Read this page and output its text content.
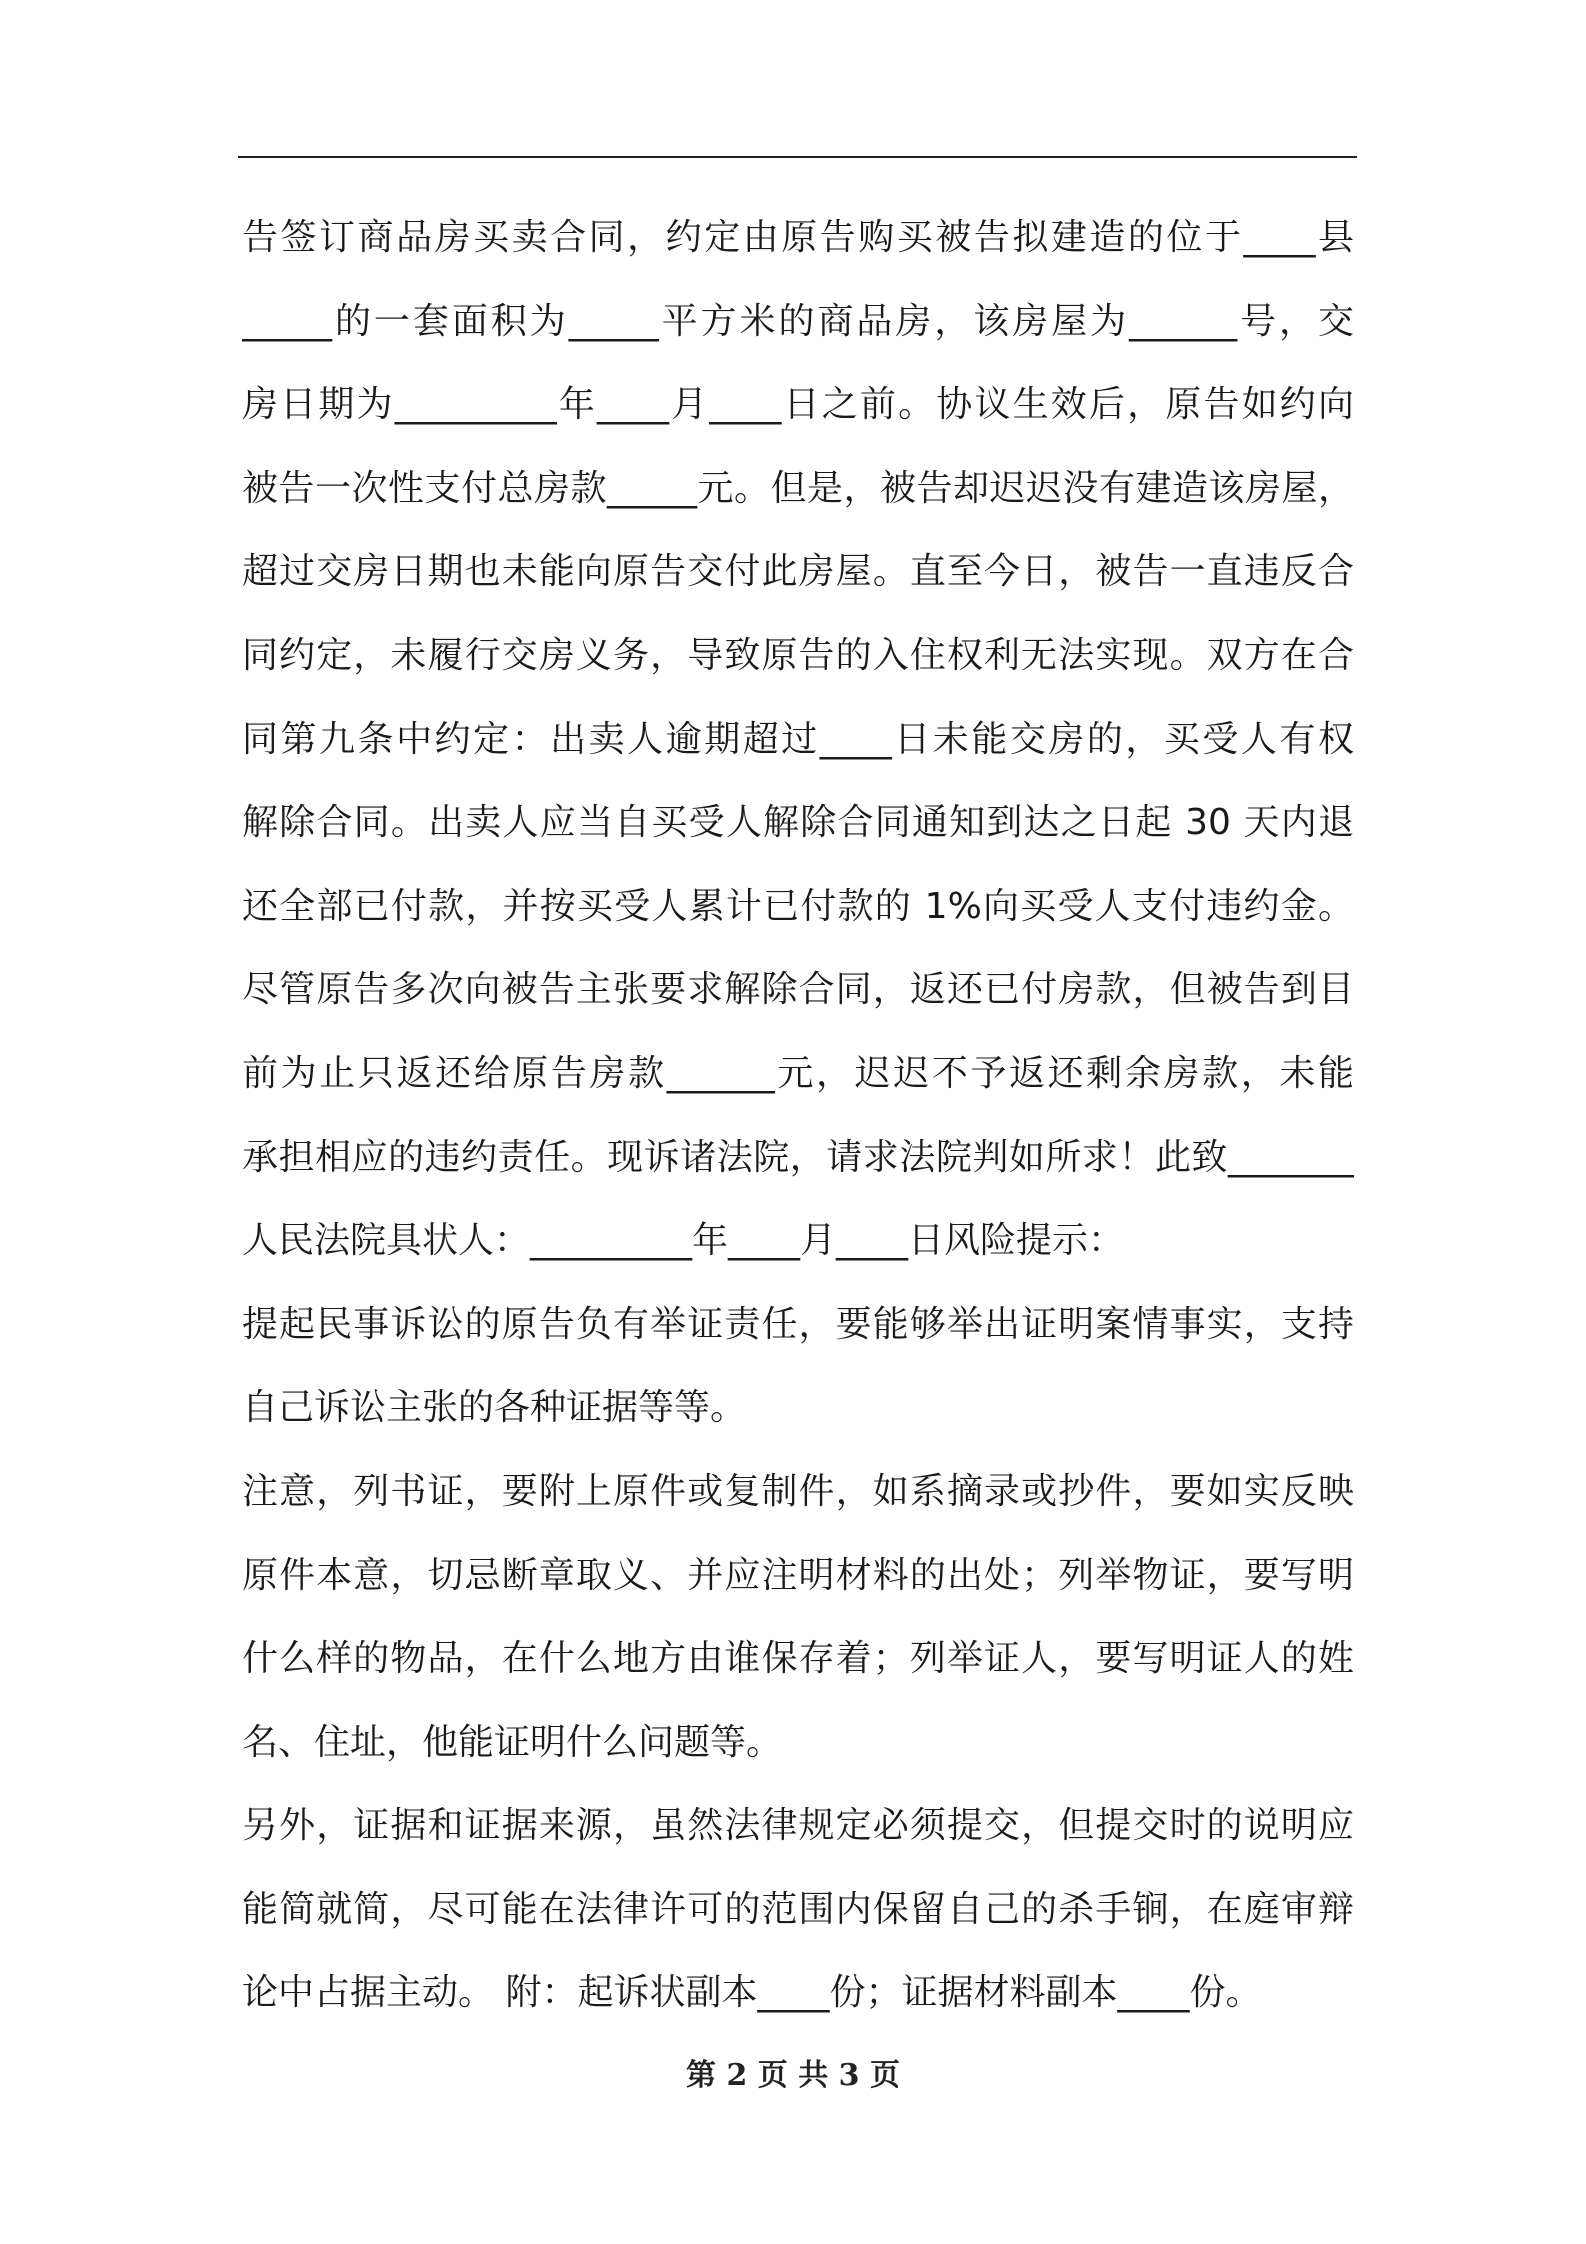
告签订商品房买卖合同，约定由原告购买被告拟建造的位于____县
_____的一套面积为_____平方米的商品房，该房屋为______号，交
房日期为_________年____月____日之前。协议生效后，原告如约向
被告一次性支付总房款_____元。但是，被告却迟迟没有建造该房屋，
超过交房日期也未能向原告交付此房屋。直至今日，被告一直违反合
同约定，未履行交房义务，导致原告的入住权利无法实现。双方在合
同第九条中约定：出卖人逾期超过____日未能交房的，买受人有权
解除合同。出卖人应当自买受人解除合同通知到达之日起 30 天内退
还全部已付款，并按买受人累计已付款的 1%向买受人支付违约金。
尽管原告多次向被告主张要求解除合同，返还已付房款，但被告到目
前为止只返还给原告房款______元，迟迟不予返还剩余房款，未能
承担相应的违约责任。现诉诸法院，请求法院判如所求！此致_______
人民法院具状人：_________年____月____日风险提示：
提起民事诉讼的原告负有举证责任，要能够举出证明案情事实，支持
自己诉讼主张的各种证据等等。
注意，列书证，要附上原件或复制件，如系摘录或抄件，要如实反映
原件本意，切忌断章取义、并应注明材料的出处；列举物证，要写明
什么样的物品，在什么地方由谁保存着；列举证人，要写明证人的姓
名、住址，他能证明什么问题等。
另外，证据和证据来源，虽然法律规定必须提交，但提交时的说明应
能简就简，尽可能在法律许可的范围内保留自己的杀手锏，在庭审辩
论中占据主动。 附：起诉状副本____份；证据材料副本____份。
第 2 页 共 3 页
